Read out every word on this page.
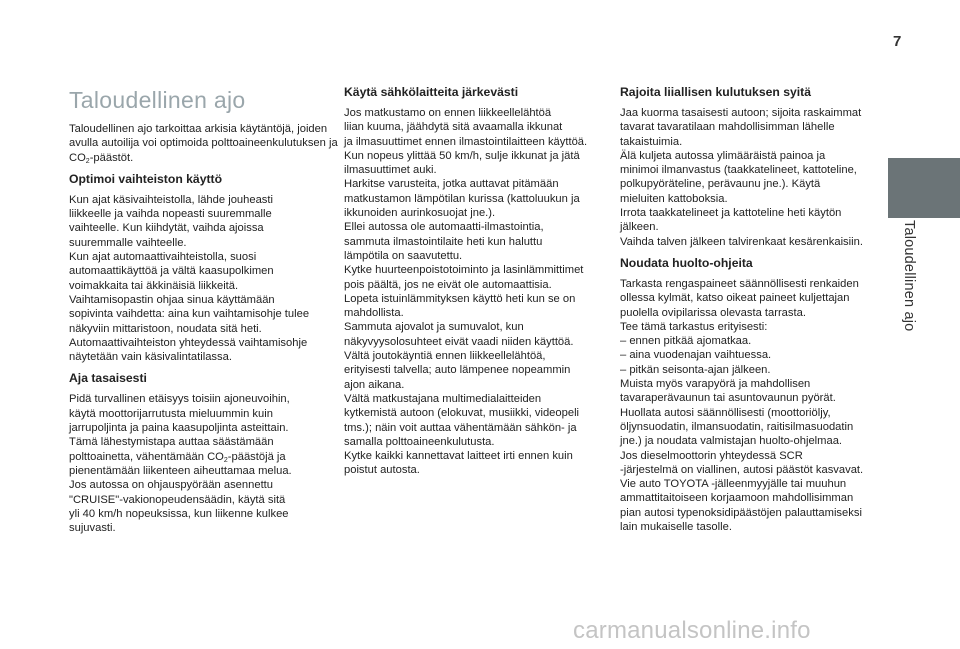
7
Taloudellinen ajo
Taloudellinen ajo

Taloudellinen ajo tarkoittaa arkisia käytäntöjä, joiden avulla autoilija voi optimoida polttoaineenkulutuksen ja $CO_2$-päästöt.

Optimoi vaihteiston käyttö

Kun ajat käsivaihteistolla, lähde jouheasti
liikkeelle ja vaihda nopeasti suuremmalle
vaihteelle. Kun kiihdytät, vaihda ajoissa
suuremmalle vaihteelle.
Kun ajat automaattivaihteistolla, suosi
automaattikäyttöä ja vältä kaasupolkimen
voimakkaita tai äkkinäisiä liikkeitä.
Vaihtamisopastin ohjaa sinua käyttämään
sopivinta vaihdetta: aina kun vaihtamisohje tulee
näkyviin mittaristoon, noudata sitä heti.
Automaattivaihteiston yhteydessä vaihtamisohje
näytetään vain käsivalintatilassa.

Aja tasaisesti

Pidä turvallinen etäisyys toisiin ajoneuvoihin,
käytä moottorijarrutusta mieluummin kuin
jarrupoljinta ja paina kaasupoljinta asteittain.
Tämä lähestymistapa auttaa säästämään
polttoainetta, vähentämään $CO_2$-päästöjä ja
pienentämään liikenteen aiheuttamaa melua.
Jos autossa on ohjauspyörään asennettu
"CRUISE"-vakionopeudensäädin, käytä sitä
yli 40 km/h nopeuksissa, kun liikenne kulkee
sujuvasti.

Käytä sähkölaitteita järkevästi

Jos matkustamo on ennen liikkeellelähtöä
liian kuuma, jäähdytä sitä avaamalla ikkunat
ja ilmasuuttimet ennen ilmastointilaitteen käyttöä.
Kun nopeus ylittää 50 km/h, sulje ikkunat ja jätä
ilmasuuttimet auki.
Harkitse varusteita, jotka auttavat pitämään
matkustamon lämpötilan kurissa (kattoluukun ja
ikkunoiden aurinkosuojat jne.).
Ellei autossa ole automaatti-ilmastointia,
sammuta ilmastointilaite heti kun haluttu
lämpötila on saavutettu.
Kytke huurteenpoistotoiminto ja lasinlämmittimet
pois päältä, jos ne eivät ole automaattisia.
Lopeta istuinlämmityksen käyttö heti kun se on
mahdollista.
Sammuta ajovalot ja sumuvalot, kun
näkyvyysolosuhteet eivät vaadi niiden käyttöä.
Vältä joutokäyntiä ennen liikkeellelähtöä,
erityisesti talvella; auto lämpenee nopeammin
ajon aikana.
Vältä matkustajana multimedialaitteiden
kytkemistä autoon (elokuvat, musiikki, videopeli
tms.); näin voit auttaa vähentämään sähkön- ja
samalla polttoaineenkulutusta.
Kytke kaikki kannettavat laitteet irti ennen kuin
poistut autosta.

Rajoita liiallisen kulutuksen syitä

Jaa kuorma tasaisesti autoon; sijoita raskaimmat
tavarat tavaratilaan mahdollisimman lähelle
takaistuimia.
Älä kuljeta autossa ylimääräistä painoa ja
minimoi ilmanvastus (taakkatelineet, kattoteline,
polkupyöräteline, perävaunu jne.). Käytä
mieluiten kattoboksia.
Irrota taakkatelineet ja kattoteline heti käytön
jälkeen.
Vaihda talven jälkeen talvirenkaat kesärenkaisiin.

Noudata huolto-ohjeita

Tarkasta rengaspaineet säännöllisesti renkaiden
ollessa kylmät, katso oikeat paineet kuljettajan
puolella ovipilarissa olevasta tarrasta.
Tee tämä tarkastus erityisesti:
– ennen pitkää ajomatkaa.
– aina vuodenajan vaihtuessa.
– pitkän seisonta-ajan jälkeen.
Muista myös varapyörä ja mahdollisen
tavaraperävaunun tai asuntovaunun pyörät.
Huollata autosi säännöllisesti (moottoriöljy,
öljynsuodatin, ilmansuodatin, raitisilmasuodatin
jne.) ja noudata valmistajan huolto-ohjelmaa.
Jos dieselmoottorin yhteydessä SCR
-järjestelmä on viallinen, autosi päästöt kasvavat.
Vie auto TOYOTA -jälleenmyyjälle tai muuhun
ammattitaitoiseen korjaamoon mahdollisimman
pian autosi typenoksidipäästöjen palauttamiseksi
lain mukaiselle tasolle.

carmanualsonline.info
